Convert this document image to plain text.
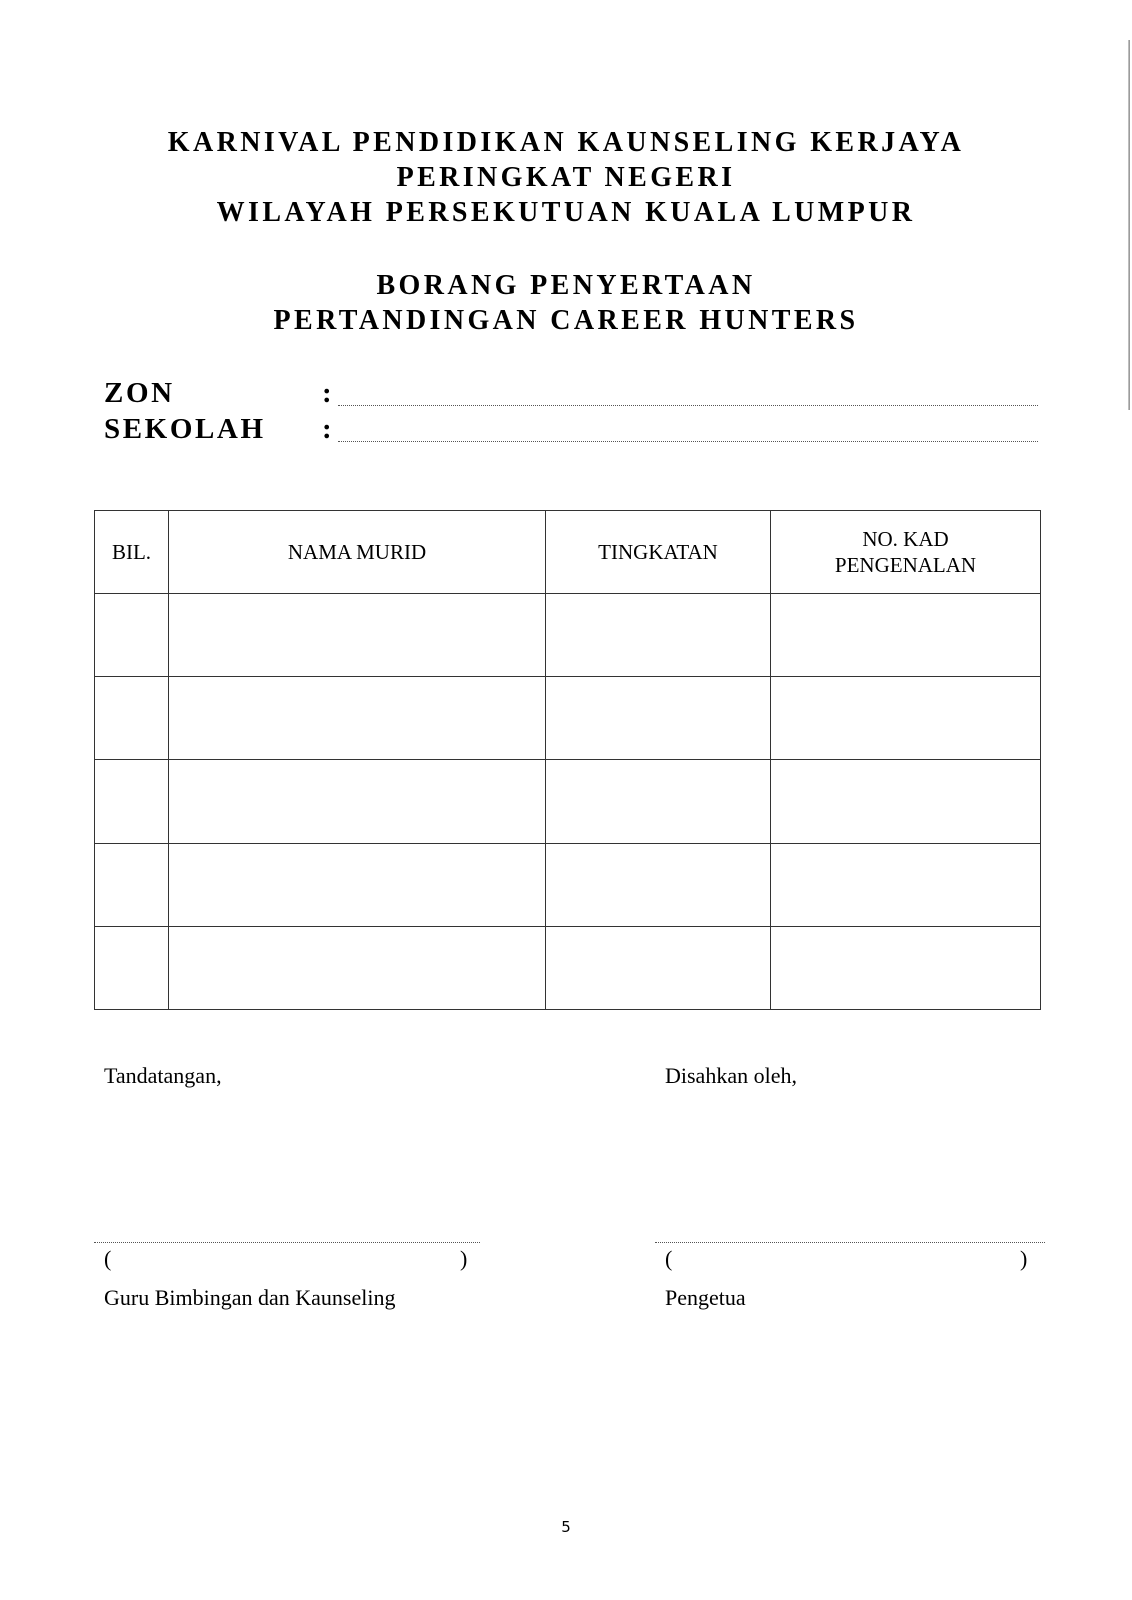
KARNIVAL PENDIDIKAN KAUNSELING KERJAYA
PERINGKAT NEGERI
WILAYAH PERSEKUTUAN KUALA LUMPUR
BORANG PENYERTAAN
PERTANDINGAN CAREER HUNTERS
ZON	:
SEKOLAH :
BIL.	NAMA MURID	TINGKATAN	NO. KAD
PENGENALAN

Tandatangan,
(	)
Guru Bimbingan dan Kaunseling
Disahkan oleh,
(	)
Pengetua
5
